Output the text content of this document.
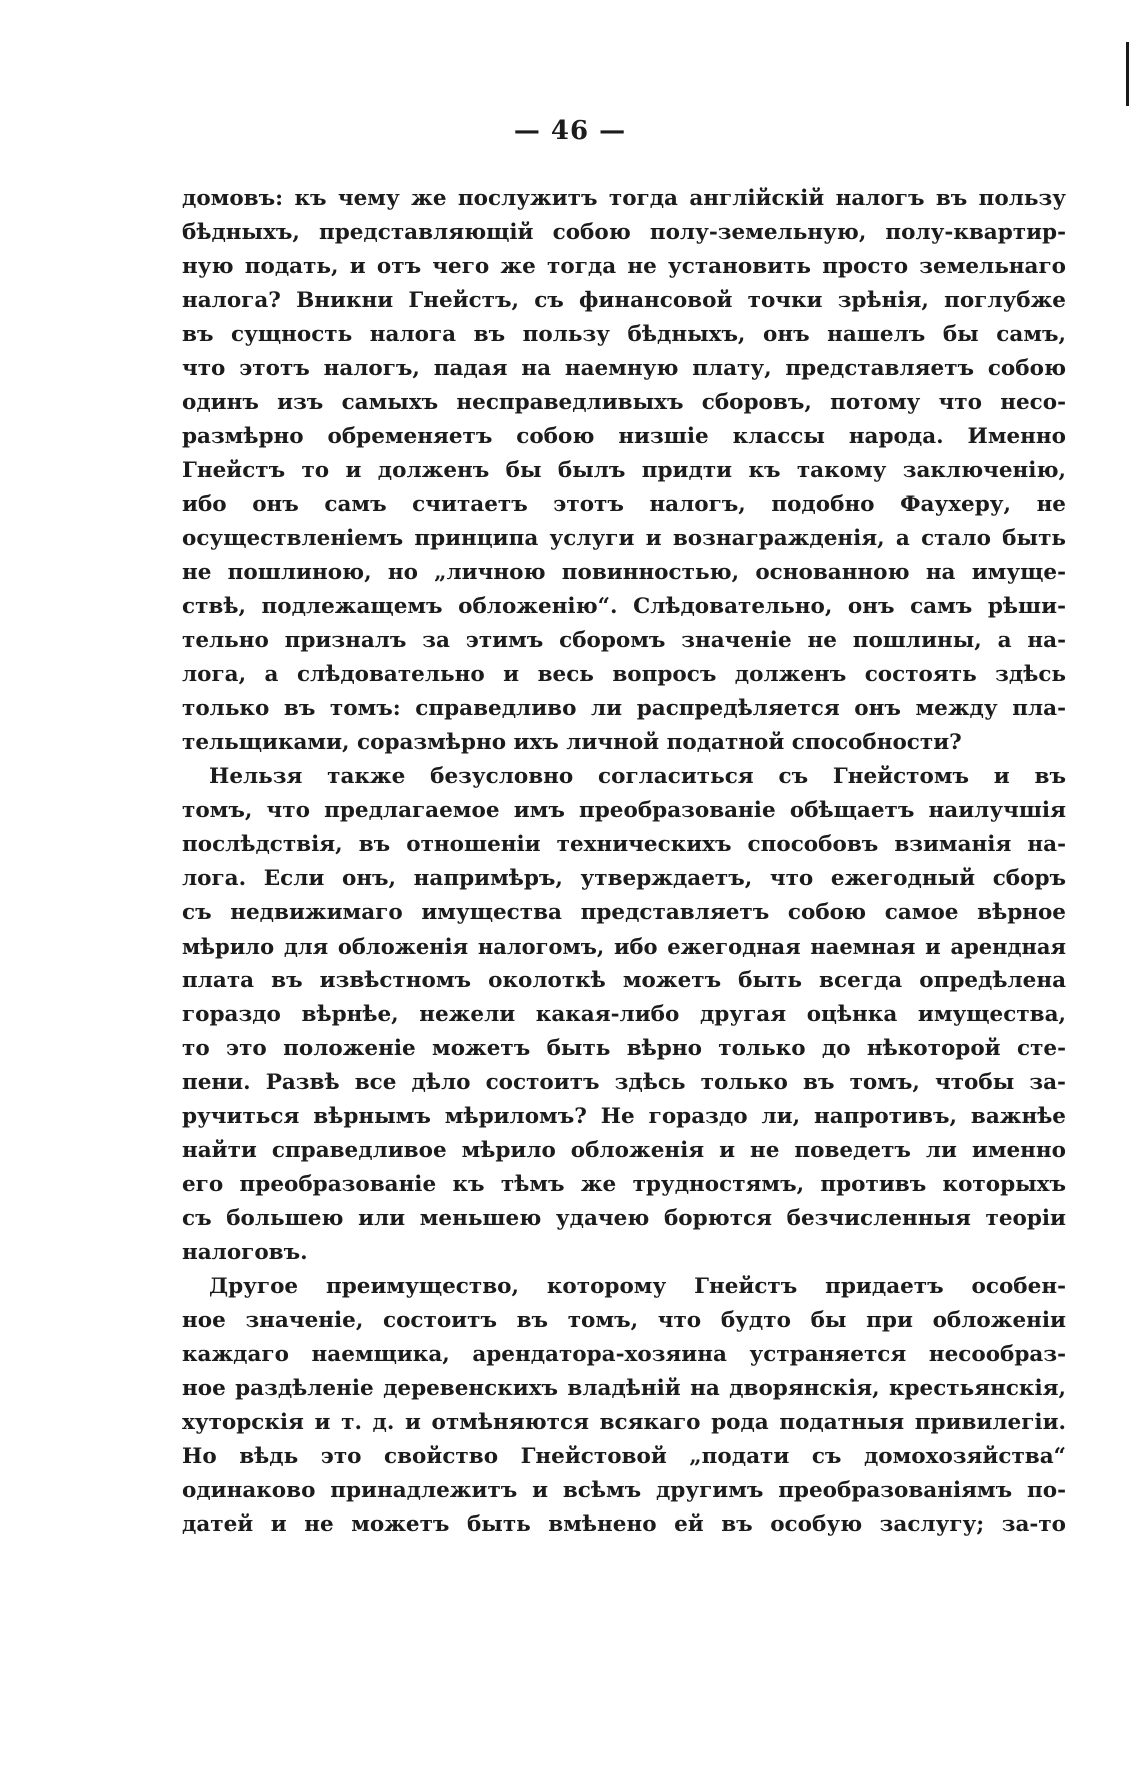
— 46 —
домовъ: къ чему же послужитъ тогда англійскій налогъ въ пользу
бѣдныхъ, представляющій собою полу-земельную, полу-квартир-
ную подать, и отъ чего же тогда не установить просто земельнаго
налога? Вникни Гнейстъ, съ финансовой точки зрѣнія, поглубже
въ сущность налога въ пользу бѣдныхъ, онъ нашелъ бы самъ,
что этотъ налогъ, падая на наемную плату, представляетъ собою
одинъ изъ самыхъ несправедливыхъ сборовъ, потому что несо-
размѣрно обременяетъ собою низшіе классы народа. Именно
Гнейстъ то и долженъ бы былъ придти къ такому заключенію,
ибо онъ самъ считаетъ этотъ налогъ, подобно Фаухеру, не
осуществленіемъ принципа услуги и вознагражденія, а стало быть
не пошлиною, но „личною повинностью, основанною на имуще-
ствѣ, подлежащемъ обложенію“. Слѣдовательно, онъ самъ рѣши-
тельно призналъ за этимъ сборомъ значеніе не пошлины, а на-
лога, а слѣдовательно и весь вопросъ долженъ состоять здѣсь
только въ томъ: справедливо ли распредѣляется онъ между пла-
тельщиками, соразмѣрно ихъ личной податной способности?
Нельзя также безусловно согласиться съ Гнейстомъ и въ
томъ, что предлагаемое имъ преобразованіе обѣщаетъ наилучшія
послѣдствія, въ отношеніи техническихъ способовъ взиманія на-
лога. Если онъ, напримѣръ, утверждаетъ, что ежегодный сборъ
съ недвижимаго имущества представляетъ собою самое вѣрное
мѣрило для обложенія налогомъ, ибо ежегодная наемная и арендная
плата въ извѣстномъ околоткѣ можетъ быть всегда опредѣлена
гораздо вѣрнѣе, нежели какая-либо другая оцѣнка имущества,
то это положеніе можетъ быть вѣрно только до нѣкоторой сте-
пени. Развѣ все дѣло состоитъ здѣсь только въ томъ, чтобы за-
ручиться вѣрнымъ мѣриломъ? Не гораздо ли, напротивъ, важнѣе
найти справедливое мѣрило обложенія и не поведетъ ли именно
его преобразованіе къ тѣмъ же трудностямъ, противъ которыхъ
съ большею или меньшею удачею борются безчисленныя теоріи
налоговъ.
Другое преимущество, которому Гнейстъ придаетъ особен-
ное значеніе, состоитъ въ томъ, что будто бы при обложеніи
каждаго наемщика, арендатора-хозяина устраняется несообраз-
ное раздѣленіе деревенскихъ владѣній на дворянскія, крестьянскія,
хуторскія и т. д. и отмѣняются всякаго рода податныя привилегіи.
Но вѣдь это свойство Гнейстовой „подати съ домохозяйства“
одинаково принадлежитъ и всѣмъ другимъ преобразованіямъ по-
датей и не можетъ быть вмѣнено ей въ особую заслугу; за-то
